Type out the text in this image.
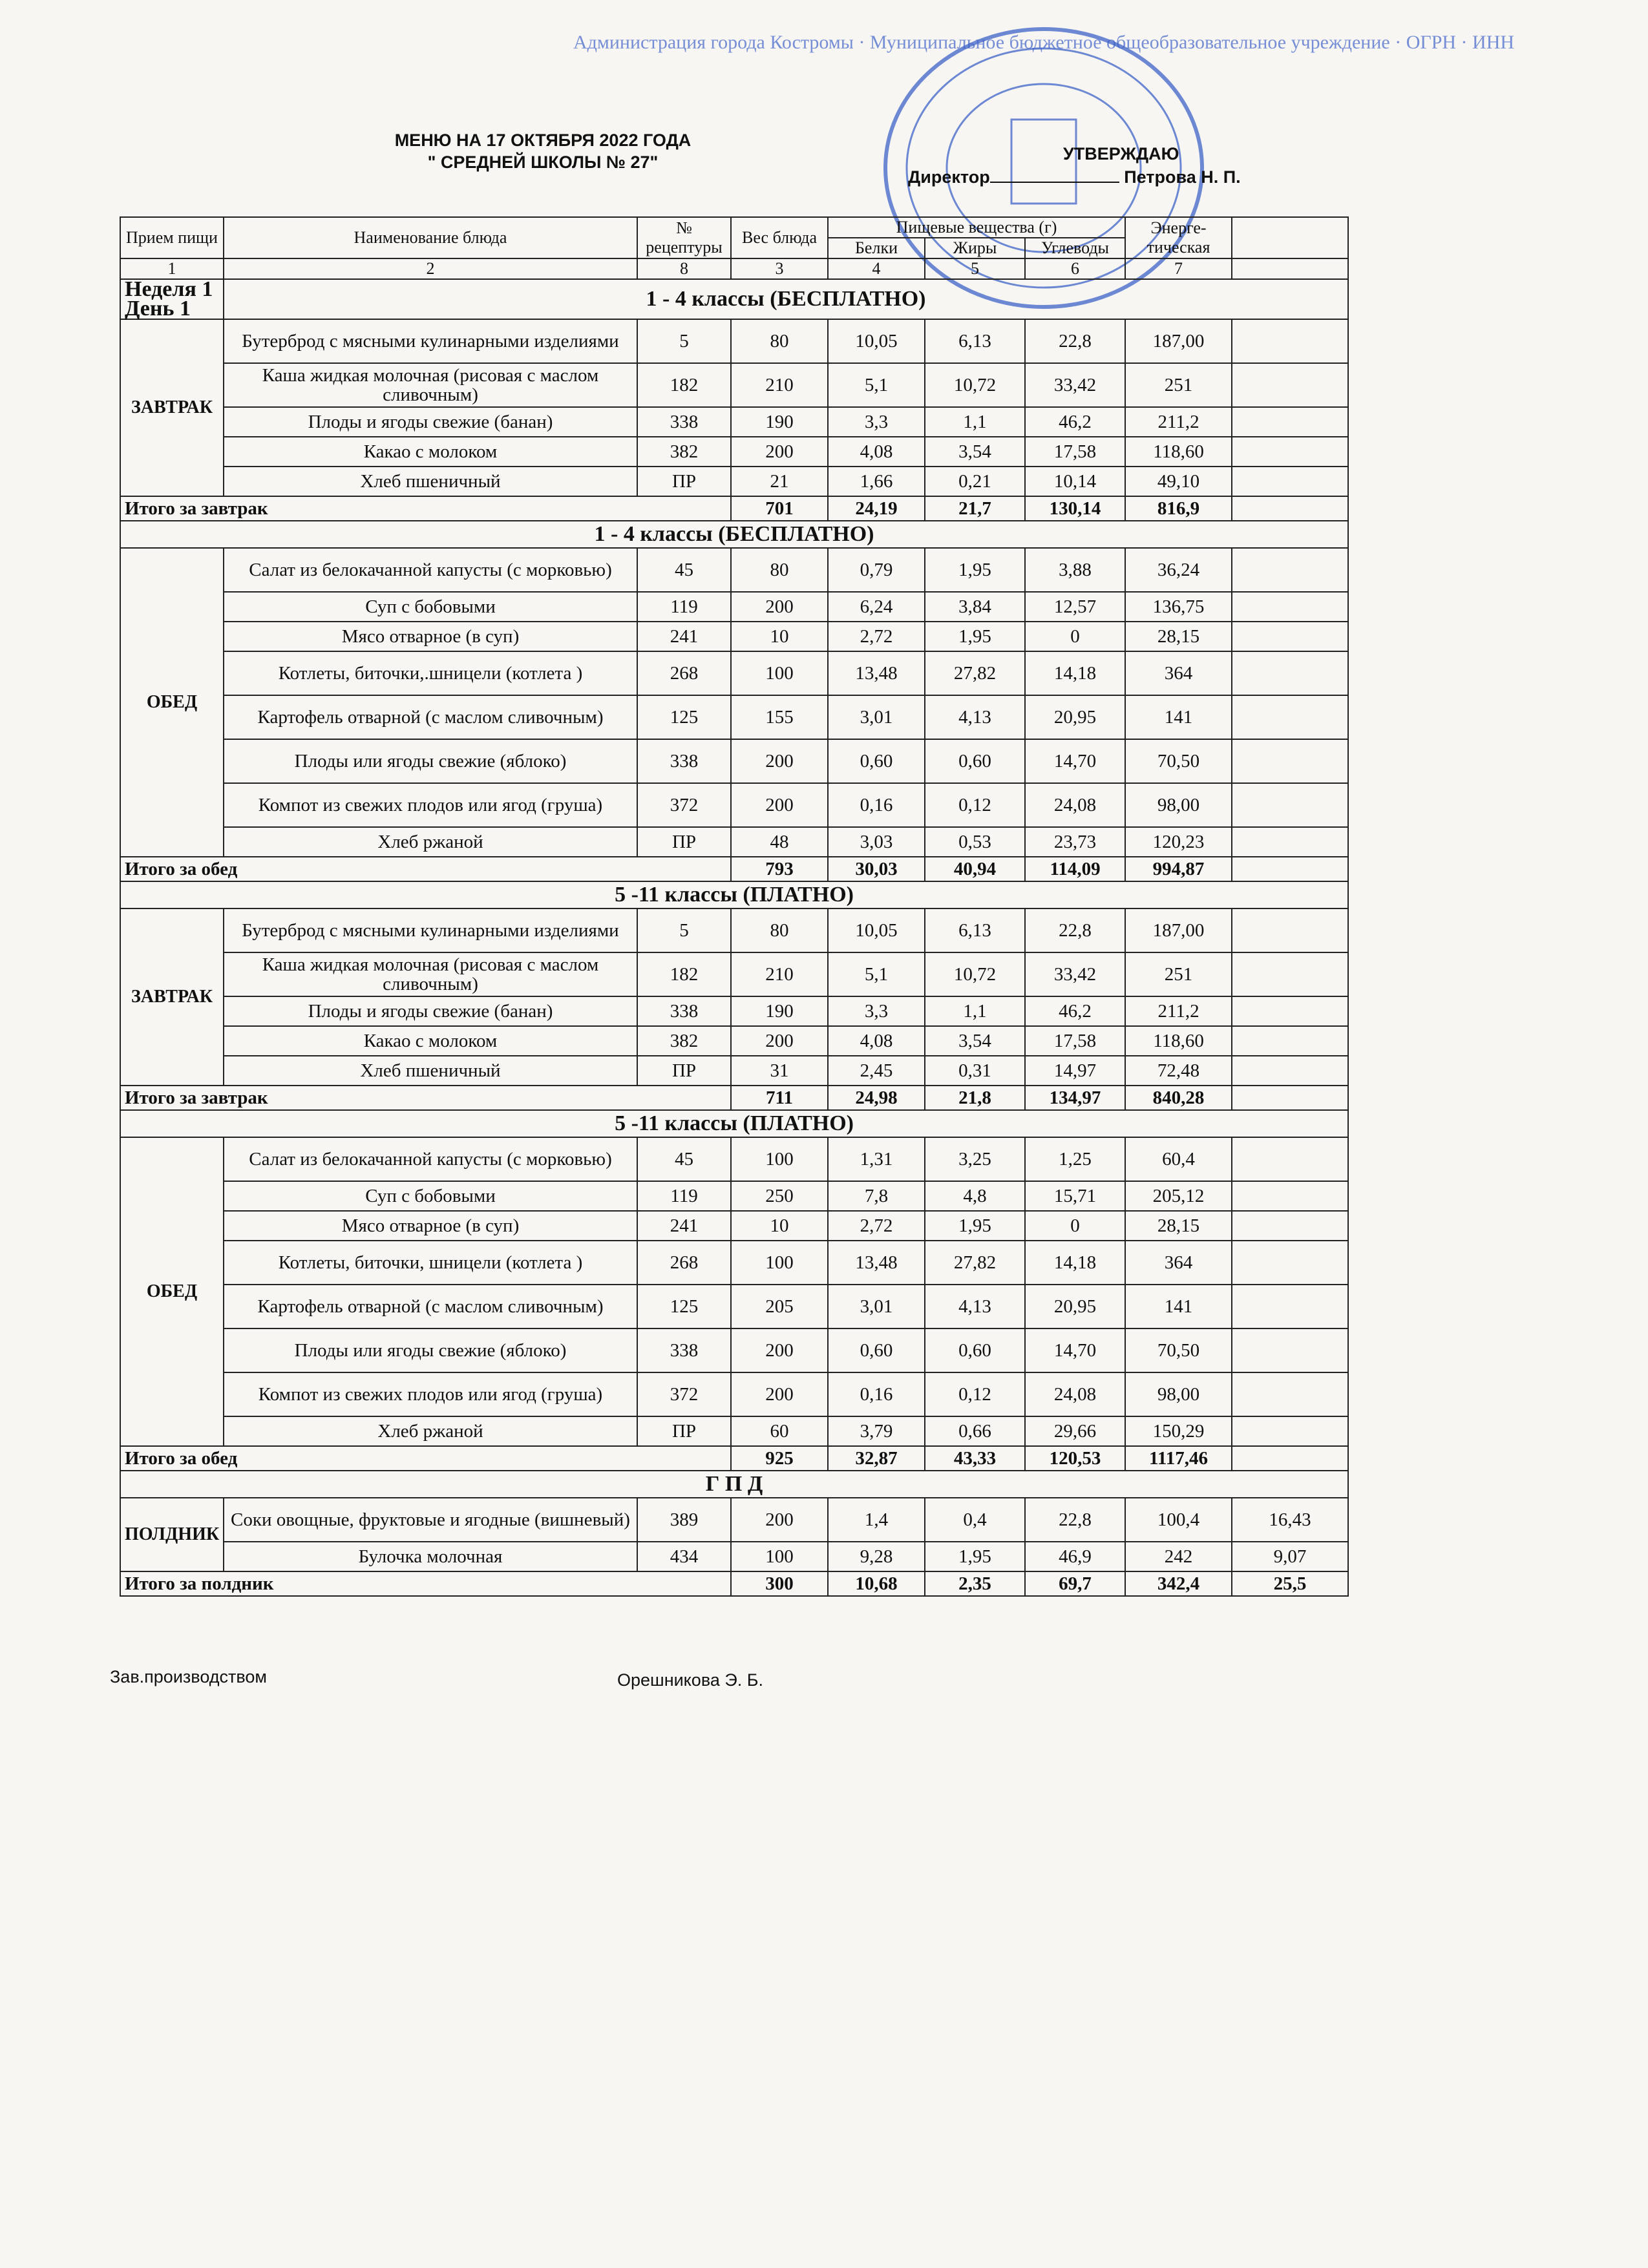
Администрация города Костромы · Муниципальное бюджетное общеобразовательное учреждение · ОГРН · ИНН
МЕНЮ НА 17 ОКТЯБРЯ 2022 ГОДА
" СРЕДНЕЙ ШКОЛЫ № 27"	УТВЕРЖДАЮ
Директор	Петрова Н. П.
Прием пищи	Наименование блюда	№ рецептуры	Вес блюда	Пищевые вещества (г)			Энерге-тическая	
				Белки	Жиры	Углеводы		
1	2	8	3	4	5	6	7	

Неделя 1
День 1	1 - 4 классы (БЕСПЛАТНО)							
ЗАВТРАК	Бутерброд с мясными кулинарными изделиями	5	80	10,05	6,13	22,8	187,00	
	Каша жидкая молочная (рисовая с маслом сливочным)	182	210	5,1	10,72	33,42	251	
	Плоды и ягоды свежие (банан)	338	190	3,3	1,1	46,2	211,2	
	Какао с молоком	382	200	4,08	3,54	17,58	118,60	
	Хлеб пшеничный	ПР	21	1,66	0,21	10,14	49,10	
Итого за завтрак			701	24,19	21,7	130,14	816,9	
1 - 4 классы (БЕСПЛАТНО)								
ОБЕД	Салат из белокачанной капусты (с морковью)	45	80	0,79	1,95	3,88	36,24	
	Суп с бобовыми	119	200	6,24	3,84	12,57	136,75	
	Мясо отварное (в суп)	241	10	2,72	1,95	0	28,15	
	Котлеты, биточки,.шницели (котлета )	268	100	13,48	27,82	14,18	364	
	Картофель отварной (с маслом сливочным)	125	155	3,01	4,13	20,95	141	
	Плоды или ягоды свежие (яблоко)	338	200	0,60	0,60	14,70	70,50	
	Компот из свежих плодов или ягод (груша)	372	200	0,16	0,12	24,08	98,00	
	Хлеб ржаной	ПР	48	3,03	0,53	23,73	120,23	
Итого за обед			793	30,03	40,94	114,09	994,87	
5 -11 классы (ПЛАТНО)								
ЗАВТРАК	Бутерброд с мясными кулинарными изделиями	5	80	10,05	6,13	22,8	187,00	
	Каша жидкая молочная (рисовая с маслом сливочным)	182	210	5,1	10,72	33,42	251	
	Плоды и ягоды свежие (банан)	338	190	3,3	1,1	46,2	211,2	
	Какао с молоком	382	200	4,08	3,54	17,58	118,60	
	Хлеб пшеничный	ПР	31	2,45	0,31	14,97	72,48	
Итого за завтрак			711	24,98	21,8	134,97	840,28	
5 -11 классы (ПЛАТНО)								
ОБЕД	Салат из белокачанной капусты (с морковью)	45	100	1,31	3,25	1,25	60,4	
	Суп с бобовыми	119	250	7,8	4,8	15,71	205,12	
	Мясо отварное (в суп)	241	10	2,72	1,95	0	28,15	
	Котлеты, биточки, шницели (котлета )	268	100	13,48	27,82	14,18	364	
	Картофель отварной (с маслом сливочным)	125	205	3,01	4,13	20,95	141	
	Плоды или ягоды свежие (яблоко)	338	200	0,60	0,60	14,70	70,50	
	Компот из свежих плодов или ягод (груша)	372	200	0,16	0,12	24,08	98,00	
	Хлеб ржаной	ПР	60	3,79	0,66	29,66	150,29	
Итого за обед			925	32,87	43,33	120,53	1117,46	
Г П Д								
ПОЛДНИК	Соки овощные, фруктовые и ягодные (вишневый)	389	200	1,4	0,4	22,8	100,4	16,43
	Булочка молочная	434	100	9,28	1,95	46,9	242	9,07
Итого за полдник			300	10,68	2,35	69,7	342,4	25,5
Зав.производством	Орешникова Э. Б.
